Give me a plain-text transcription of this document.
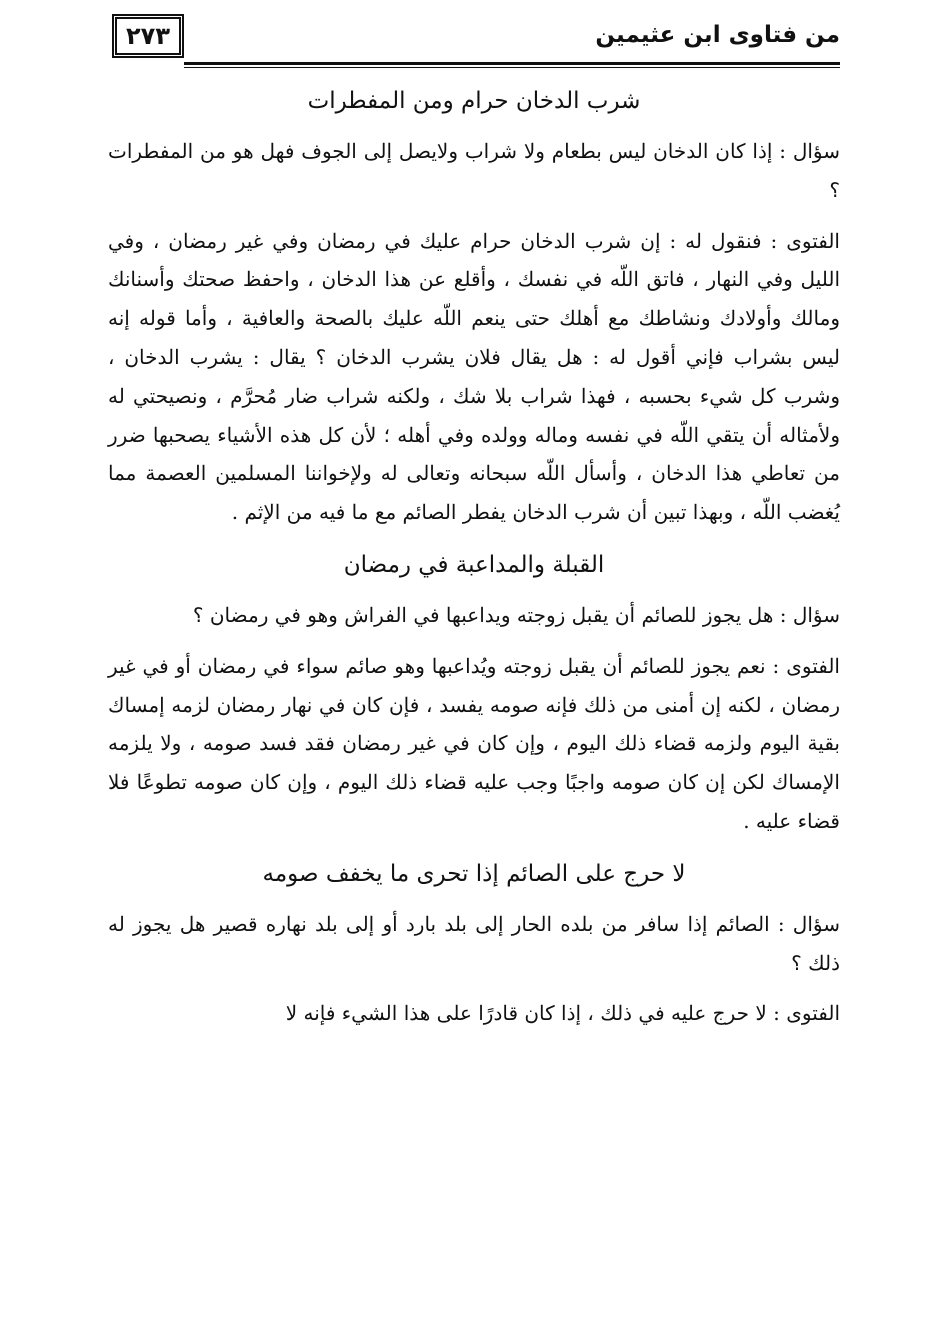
٢٧٣	من فتاوى ابن عثيمين
شرب الدخان حرام ومن المفطرات

سؤال : إذا كان الدخان ليس بطعام ولا شراب ولايصل إلى الجوف فهل هو من المفطرات ؟

الفتوى : فنقول له : إن شرب الدخان حرام عليك في رمضان وفي غير رمضان ، وفي الليل وفي النهار ، فاتق اللّه في نفسك ، وأقلع عن هذا الدخان ، واحفظ صحتك وأسنانك ومالك وأولادك ونشاطك مع أهلك حتى ينعم اللّه عليك بالصحة والعافية ، وأما قوله إنه ليس بشراب فإني أقول له : هل يقال فلان يشرب الدخان ؟ يقال : يشرب الدخان ، وشرب كل شيء بحسبه ، فهذا شراب بلا شك ، ولكنه شراب ضار مُحرَّم ، ونصيحتي له ولأمثاله أن يتقي اللّه في نفسه وماله وولده وفي أهله ؛ لأن كل هذه الأشياء يصحبها ضرر من تعاطي هذا الدخان ، وأسأل اللّه سبحانه وتعالى له ولإخواننا المسلمين العصمة مما يُغضب اللّه ، وبهذا تبين أن شرب الدخان يفطر الصائم مع ما فيه من الإثم .

القبلة والمداعبة في رمضان

سؤال : هل يجوز للصائم أن يقبل زوجته ويداعبها في الفراش وهو في رمضان ؟

الفتوى : نعم يجوز للصائم أن يقبل زوجته ويُداعبها وهو صائم سواء في رمضان أو في غير رمضان ، لكنه إن أمنى من ذلك فإنه صومه يفسد ، فإن كان في نهار رمضان لزمه إمساك بقية اليوم ولزمه قضاء ذلك اليوم ، وإن كان في غير رمضان فقد فسد صومه ، ولا يلزمه الإمساك لكن إن كان صومه واجبًا وجب عليه قضاء ذلك اليوم ، وإن كان صومه تطوعًا فلا قضاء عليه .

لا حرج على الصائم إذا تحرى ما يخفف صومه

سؤال : الصائم إذا سافر من بلده الحار إلى بلد بارد أو إلى بلد نهاره قصير هل يجوز له ذلك ؟

الفتوى : لا حرج عليه في ذلك ، إذا كان قادرًا على هذا الشيء فإنه لا
